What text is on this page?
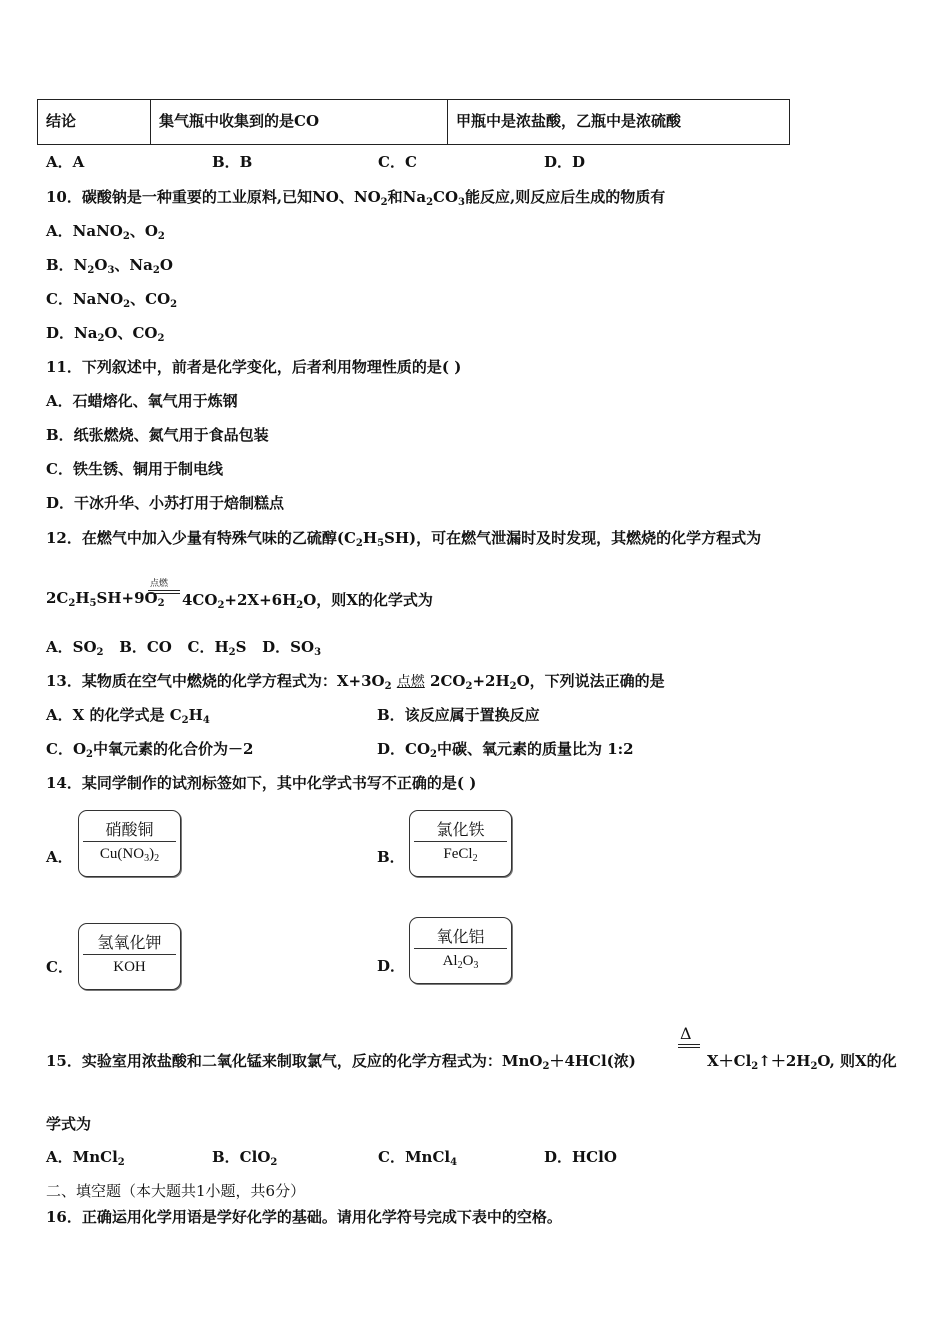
结论	集气瓶中收集到的是CO	甲瓶中是浓盐酸，乙瓶中是浓硫酸
A．A	B．B	C．C	D．D
10．碳酸钠是一种重要的工业原料,已知NO、$NO_2$和$Na_2CO_3$能反应,则反应后生成的物质有
A．NaNO$_2$、$O_2$
B．$N_2O_3$、$Na_2O$
C．NaNO$_2$、$CO_2$
D．$Na_2O$、$CO_2$
11．下列叙述中，前者是化学变化，后者利用物理性质的是( )
A．石蜡熔化、氧气用于炼钢
B．纸张燃烧、氮气用于食品包装
C．铁生锈、铜用于制电线
D．干冰升华、小苏打用于焙制糕点
12．在燃气中加入少量有特殊气味的乙硫醇$(C_2H_5SH)$，可在燃气泄漏时及时发现，其燃烧的化学方程式为
$2C_2H_5SH+9O_2$
点燃
$4CO_2+2X+6H_2O$，则X的化学式为
A．$SO_2$ B．CO C．$H_2S$ D．$SO_3$
13．某物质在空气中燃烧的化学方程式为：$X+3O_2$ 点燃 $2CO_2+2H_2O$，下列说法正确的是
A．X 的化学式是 $C_2H_4$	B．该反应属于置换反应
C．$O_2$中氧元素的化合价为－2	D．$CO_2$中碳、氧元素的质量比为 1:2
14．某同学制作的试剂标签如下，其中化学式书写不正确的是( )
A．
硝酸铜
$Cu(NO_3)_2$	B．
氯化铁
FeCl$_2$
C．
氢氧化钾
KOH	D．
氧化铝
$Al_2O_3$
Δ
15．实验室用浓盐酸和二氧化锰来制取氯气，反应的化学方程式为：MnO$_2$＋4HCl(浓)	$X+Cl_2↑+2H_2O$, 则X的化
学式为
A．MnCl$_2$	B．ClO$_2$	C．MnCl$_4$	D．HClO
二、填空题（本大题共1小题，共6分）
16．正确运用化学用语是学好化学的基础。请用化学符号完成下表中的空格。
